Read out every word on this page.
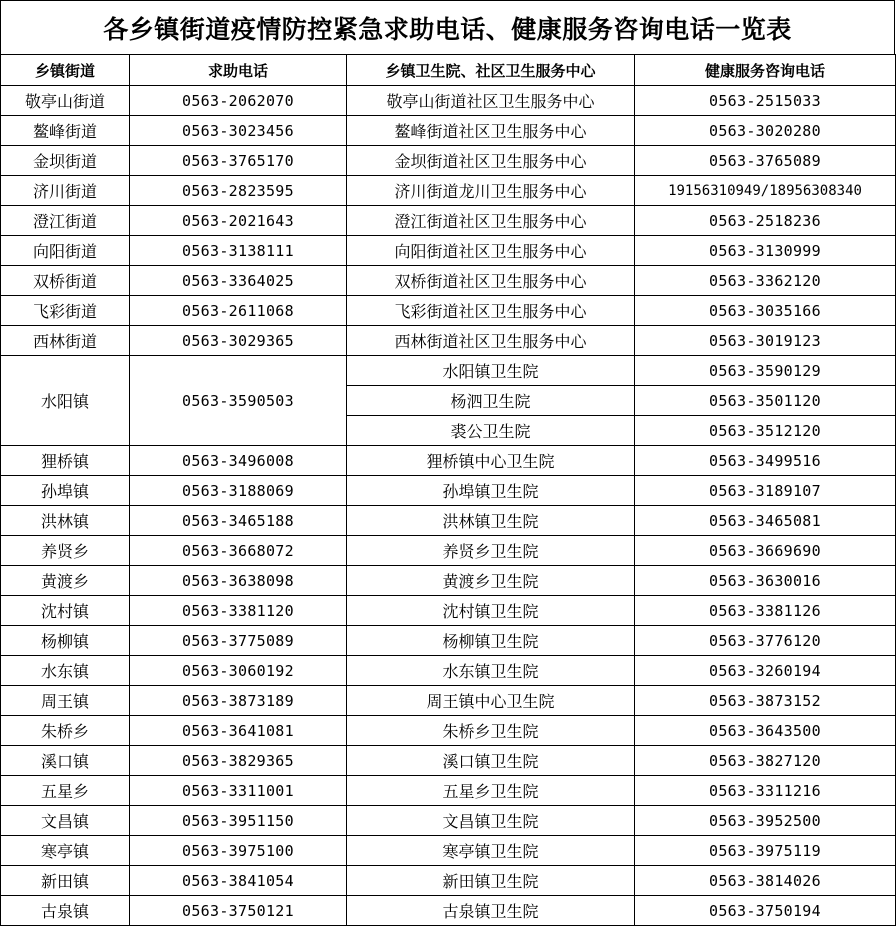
各乡镇街道疫情防控紧急求助电话、健康服务咨询电话一览表
乡镇街道	求助电话	乡镇卫生院、社区卫生服务中心	健康服务咨询电话
敬亭山街道	0563-2062070	敬亭山街道社区卫生服务中心	0563-2515033
鳌峰街道	0563-3023456	鳌峰街道社区卫生服务中心	0563-3020280
金坝街道	0563-3765170	金坝街道社区卫生服务中心	0563-3765089
济川街道	0563-2823595	济川街道龙川卫生服务中心	19156310949/18956308340
澄江街道	0563-2021643	澄江街道社区卫生服务中心	0563-2518236
向阳街道	0563-3138111	向阳街道社区卫生服务中心	0563-3130999
双桥街道	0563-3364025	双桥街道社区卫生服务中心	0563-3362120
飞彩街道	0563-2611068	飞彩街道社区卫生服务中心	0563-3035166
西林街道	0563-3029365	西林街道社区卫生服务中心	0563-3019123
水阳镇	0563-3590503	水阳镇卫生院	0563-3590129
		杨泗卫生院	0563-3501120
		裘公卫生院	0563-3512120
狸桥镇	0563-3496008	狸桥镇中心卫生院	0563-3499516
孙埠镇	0563-3188069	孙埠镇卫生院	0563-3189107
洪林镇	0563-3465188	洪林镇卫生院	0563-3465081
养贤乡	0563-3668072	养贤乡卫生院	0563-3669690
黄渡乡	0563-3638098	黄渡乡卫生院	0563-3630016
沈村镇	0563-3381120	沈村镇卫生院	0563-3381126
杨柳镇	0563-3775089	杨柳镇卫生院	0563-3776120
水东镇	0563-3060192	水东镇卫生院	0563-3260194
周王镇	0563-3873189	周王镇中心卫生院	0563-3873152
朱桥乡	0563-3641081	朱桥乡卫生院	0563-3643500
溪口镇	0563-3829365	溪口镇卫生院	0563-3827120
五星乡	0563-3311001	五星乡卫生院	0563-3311216
文昌镇	0563-3951150	文昌镇卫生院	0563-3952500
寒亭镇	0563-3975100	寒亭镇卫生院	0563-3975119
新田镇	0563-3841054	新田镇卫生院	0563-3814026
古泉镇	0563-3750121	古泉镇卫生院	0563-3750194
